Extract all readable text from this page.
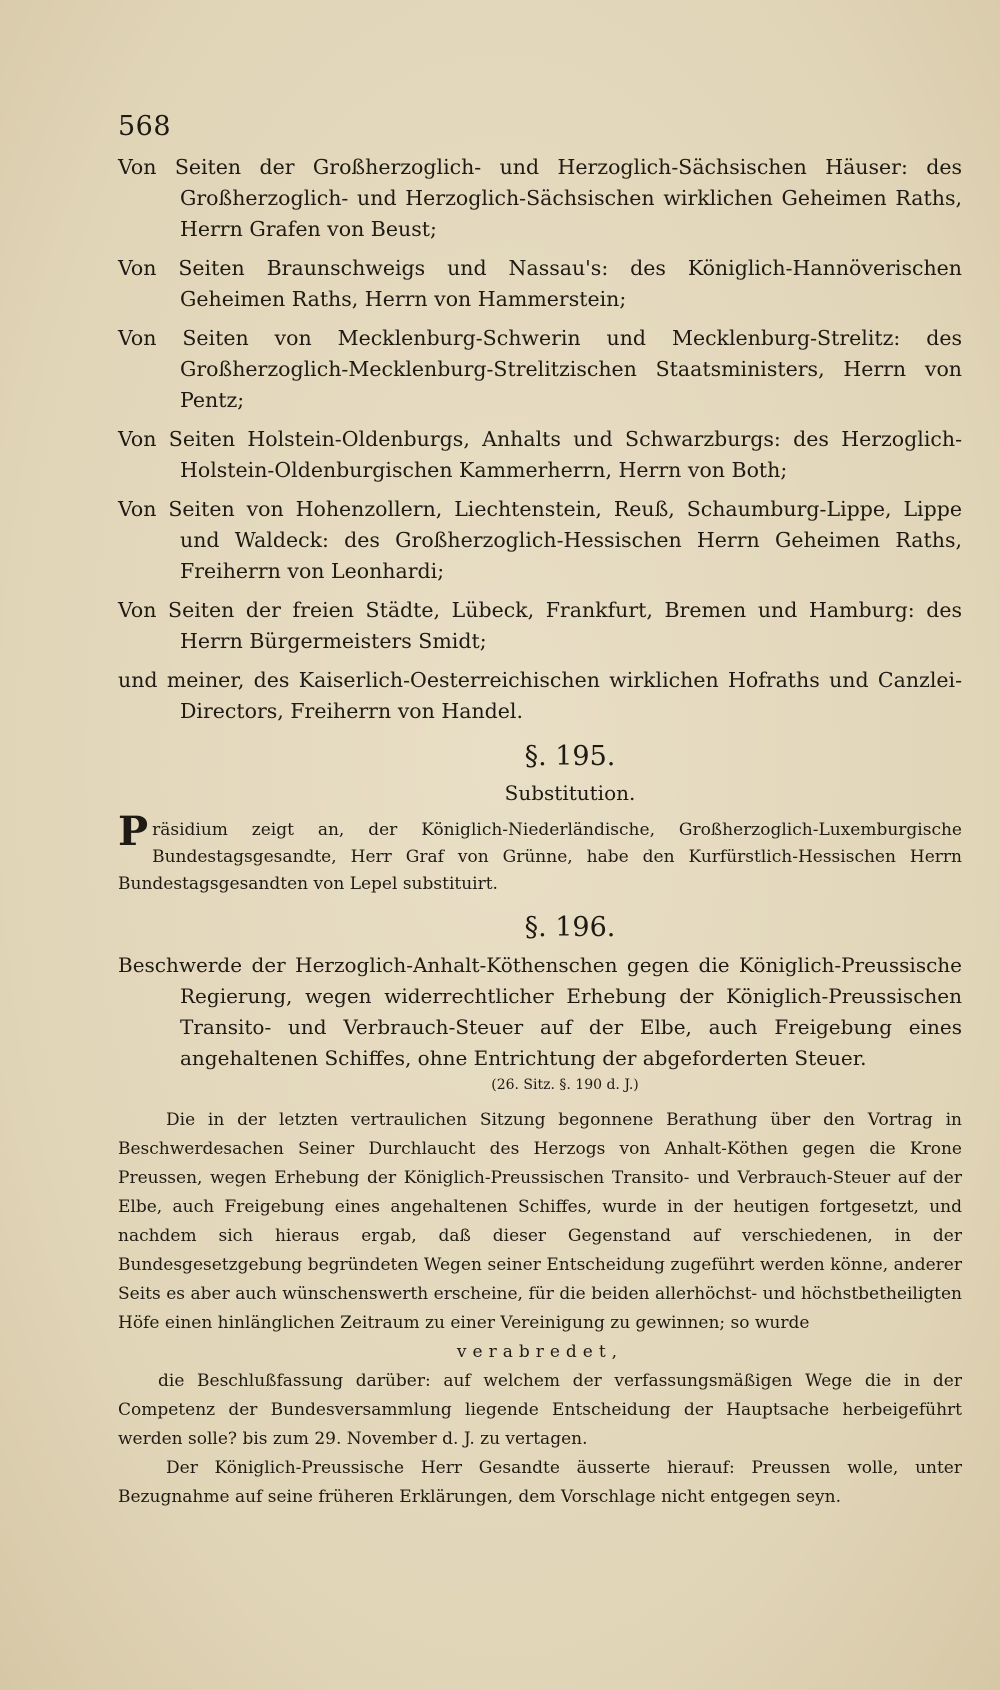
568

Von Seiten der Großherzoglich- und Herzoglich-Sächsischen Häuser: des Großherzoglich- und Herzoglich-Sächsischen wirklichen Geheimen Raths, Herrn Grafen von Beust;

Von Seiten Braunschweigs und Nassau's: des Königlich-Hannöverischen Geheimen Raths, Herrn von Hammerstein;

Von Seiten von Mecklenburg-Schwerin und Mecklenburg-Strelitz: des Großherzoglich-Mecklenburg-Strelitzischen Staatsministers, Herrn von Pentz;

Von Seiten Holstein-Oldenburgs, Anhalts und Schwarzburgs: des Herzoglich-Holstein-Oldenburgischen Kammerherrn, Herrn von Both;

Von Seiten von Hohenzollern, Liechtenstein, Reuß, Schaumburg-Lippe, Lippe und Waldeck: des Großherzoglich-Hessischen Herrn Geheimen Raths, Freiherrn von Leonhardi;

Von Seiten der freien Städte, Lübeck, Frankfurt, Bremen und Hamburg: des Herrn Bürgermeisters Smidt;

und meiner, des Kaiserlich-Oesterreichischen wirklichen Hofraths und Canzlei-Directors, Freiherrn von Handel.

§. 195.
Substitution.
Präsidium zeigt an, der Königlich-Niederländische, Großherzoglich-Luxemburgische Bundestagsgesandte, Herr Graf von Grünne, habe den Kurfürstlich-Hessischen Herrn Bundestagsgesandten von Lepel substituirt.
§. 196.

Beschwerde der Herzoglich-Anhalt-Köthenschen gegen die Königlich-Preussische Regierung, wegen widerrechtlicher Erhebung der Königlich-Preussischen Transito- und Verbrauch-Steuer auf der Elbe, auch Freigebung eines angehaltenen Schiffes, ohne Entrichtung der abgeforderten Steuer.

(26. Sitz. §. 190 d. J.)

Die in der letzten vertraulichen Sitzung begonnene Berathung über den Vortrag in Beschwerdesachen Seiner Durchlaucht des Herzogs von Anhalt-Köthen gegen die Krone Preussen, wegen Erhebung der Königlich-Preussischen Transito- und Verbrauch-Steuer auf der Elbe, auch Freigebung eines angehaltenen Schiffes, wurde in der heutigen fortgesetzt, und nachdem sich hieraus ergab, daß dieser Gegenstand auf verschiedenen, in der Bundesgesetzgebung begründeten Wegen seiner Entscheidung zugeführt werden könne, anderer Seits es aber auch wünschenswerth erscheine, für die beiden allerhöchst- und höchstbetheiligten Höfe einen hinlänglichen Zeitraum zu einer Vereinigung zu gewinnen; so wurde

verabredet,

die Beschlußfassung darüber: auf welchem der verfassungsmäßigen Wege die in der Competenz der Bundesversammlung liegende Entscheidung der Hauptsache herbeigeführt werden solle? bis zum 29. November d. J. zu vertagen.

Der Königlich-Preussische Herr Gesandte äusserte hierauf: Preussen wolle, unter Bezugnahme auf seine früheren Erklärungen, dem Vorschlage nicht entgegen seyn.
